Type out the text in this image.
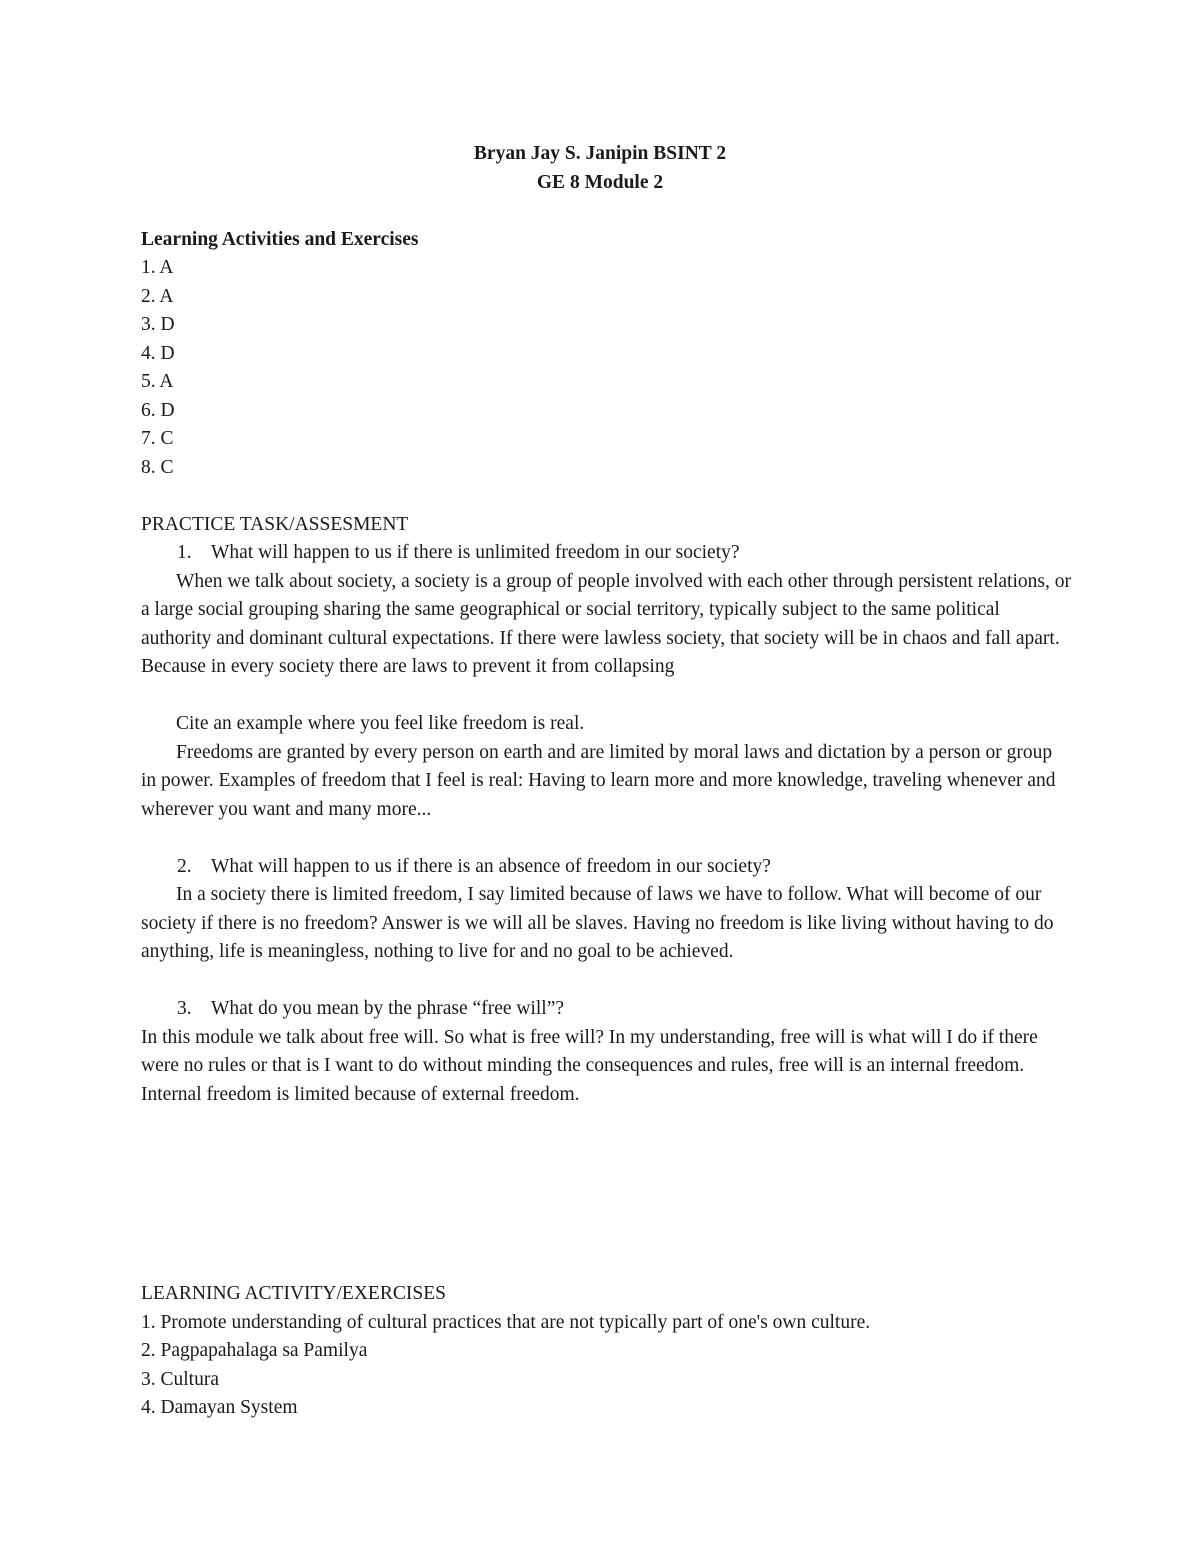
Bryan Jay S. Janipin BSINT 2
GE 8 Module 2
Learning Activities and Exercises
1. A
2. A
3. D
4. D
5. A
6. D
7. C
8. C
PRACTICE TASK/ASSESMENT
1. What will happen to us if there is unlimited freedom in our society?
When we talk about society, a society is a group of people involved with each other through persistent relations, or a large social grouping sharing the same geographical or social territory, typically subject to the same political authority and dominant cultural expectations. If there were lawless society, that society will be in chaos and fall apart. Because in every society there are laws to prevent it from collapsing
Cite an example where you feel like freedom is real.
Freedoms are granted by every person on earth and are limited by moral laws and dictation by a person or group in power. Examples of freedom that I feel is real: Having to learn more and more knowledge, traveling whenever and wherever you want and many more...
2. What will happen to us if there is an absence of freedom in our society?
In a society there is limited freedom, I say limited because of laws we have to follow. What will become of our society if there is no freedom? Answer is we will all be slaves. Having no freedom is like living without having to do anything, life is meaningless, nothing to live for and no goal to be achieved.
3. What do you mean by the phrase “free will”?
In this module we talk about free will. So what is free will? In my understanding, free will is what will I do if there were no rules or that is I want to do without minding the consequences and rules, free will is an internal freedom. Internal freedom is limited because of external freedom.
LEARNING ACTIVITY/EXERCISES
1. Promote understanding of cultural practices that are not typically part of one's own culture.
2. Pagpapahalaga sa Pamilya
3. Cultura
4. Damayan System
